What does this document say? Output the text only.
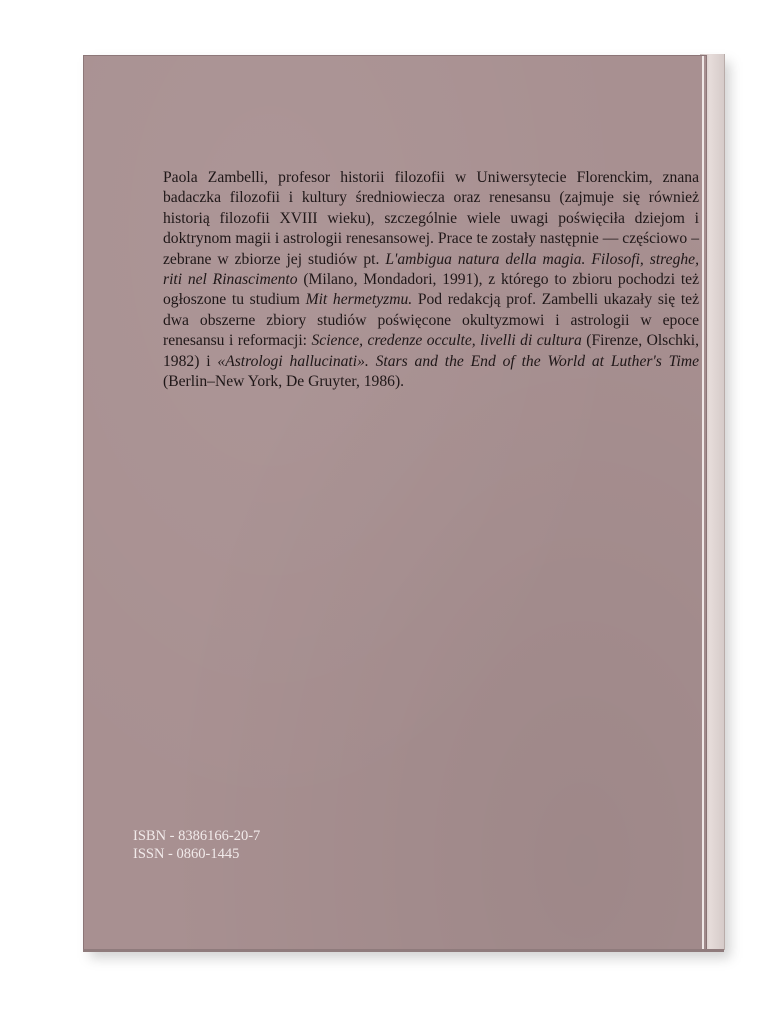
Paola Zambelli, profesor historii filozofii w Uniwersytecie Florenckim, znana badaczka filozofii i kultury średniowiecza oraz renesansu (zajmuje się również historią filozofii XVIII wieku), szczególnie wiele uwagi poświęciła dziejom i doktrynom magii i astrologii renesansowej. Prace te zostały następnie — częściowo – zebrane w zbiorze jej studiów pt. L'ambigua natura della magia. Filosofi, streghe, riti nel Rinascimento (Milano, Mondadori, 1991), z którego to zbioru pochodzi też ogłoszone tu studium Mit hermetyzmu. Pod redakcją prof. Zambelli ukazały się też dwa obszerne zbiory studiów poświęcone okultyzmowi i astrologii w epoce renesansu i reformacji: Science, credenze occulte, livelli di cultura (Firenze, Olschki, 1982) i «Astrologi hallucinati». Stars and the End of the World at Luther's Time (Berlin–New York, De Gruyter, 1986).

ISBN - 8386166-20-7
ISSN - 0860-1445
